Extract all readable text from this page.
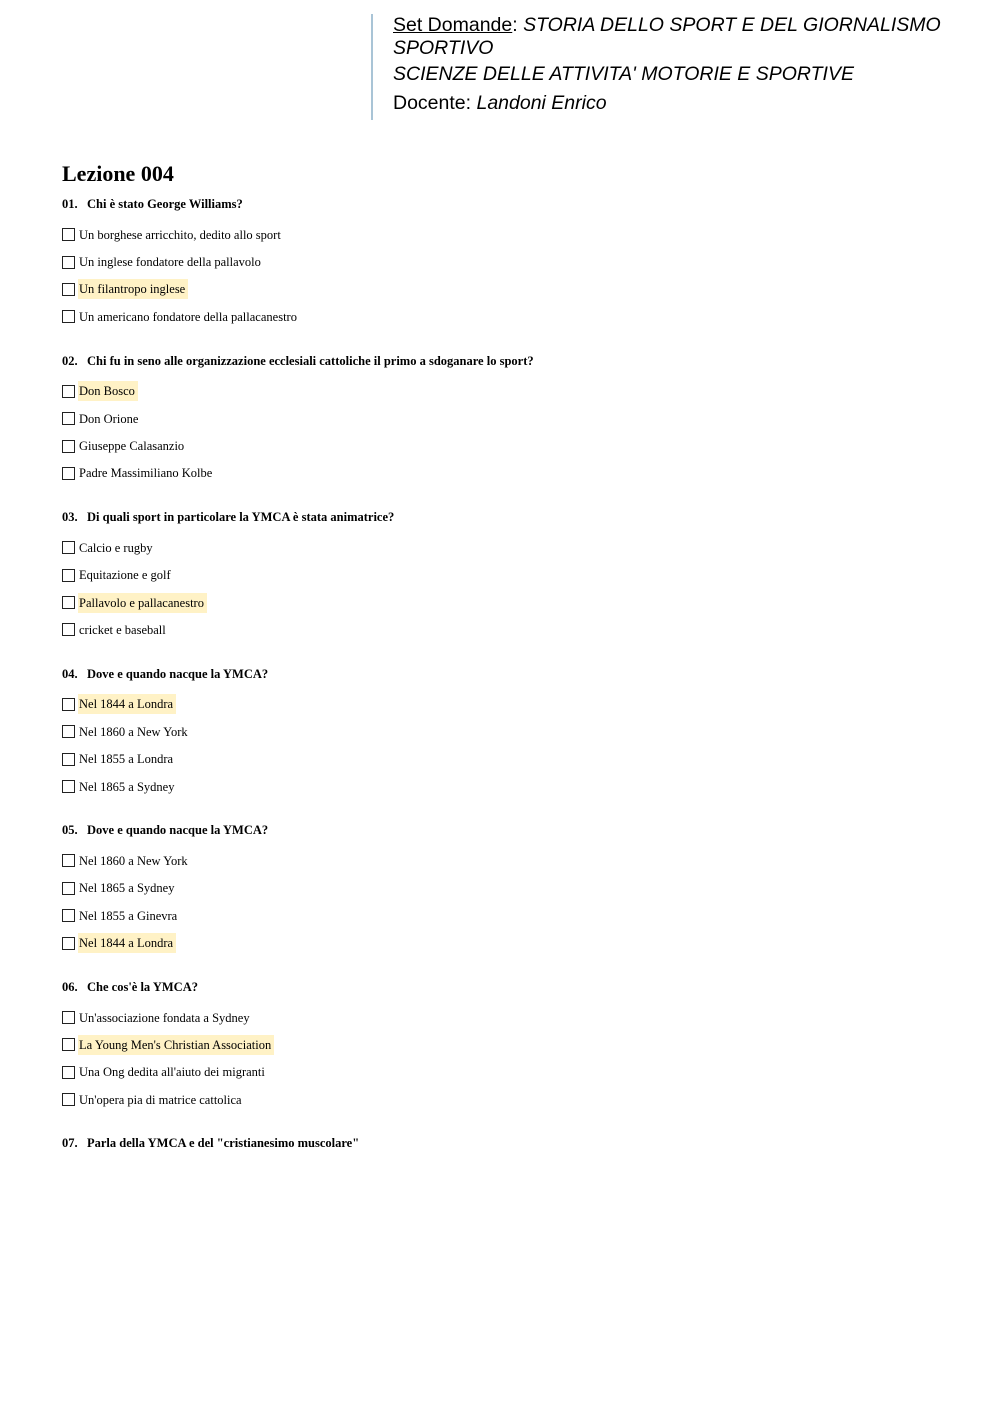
Set Domande: STORIA DELLO SPORT E DEL GIORNALISMO
SPORTIVO

SCIENZE DELLE ATTIVITA' MOTORIE E SPORTIVE

Docente: Landoni Enrico

Lezione 004

01. Chi è stato George Williams?

Un borghese arricchito, dedito allo sport
Un inglese fondatore della pallavolo
Un filantropo inglese
Un americano fondatore della pallacanestro

02. Chi fu in seno alle organizzazione ecclesiali cattoliche il primo a sdoganare lo sport?

Don Bosco
Don Orione
Giuseppe Calasanzio
Padre Massimiliano Kolbe

03. Di quali sport in particolare la YMCA è stata animatrice?

Calcio e rugby
Equitazione e golf
Pallavolo e pallacanestro
cricket e baseball

04. Dove e quando nacque la YMCA?

Nel 1844 a Londra
Nel 1860 a New York
Nel 1855 a Londra
Nel 1865 a Sydney

05. Dove e quando nacque la YMCA?

Nel 1860 a New York
Nel 1865 a Sydney
Nel 1855 a Ginevra
Nel 1844 a Londra

06. Che cos'è la YMCA?

Un'associazione fondata a Sydney
La Young Men's Christian Association
Una Ong dedita all'aiuto dei migranti
Un'opera pia di matrice cattolica

07. Parla della YMCA e del "cristianesimo muscolare"
